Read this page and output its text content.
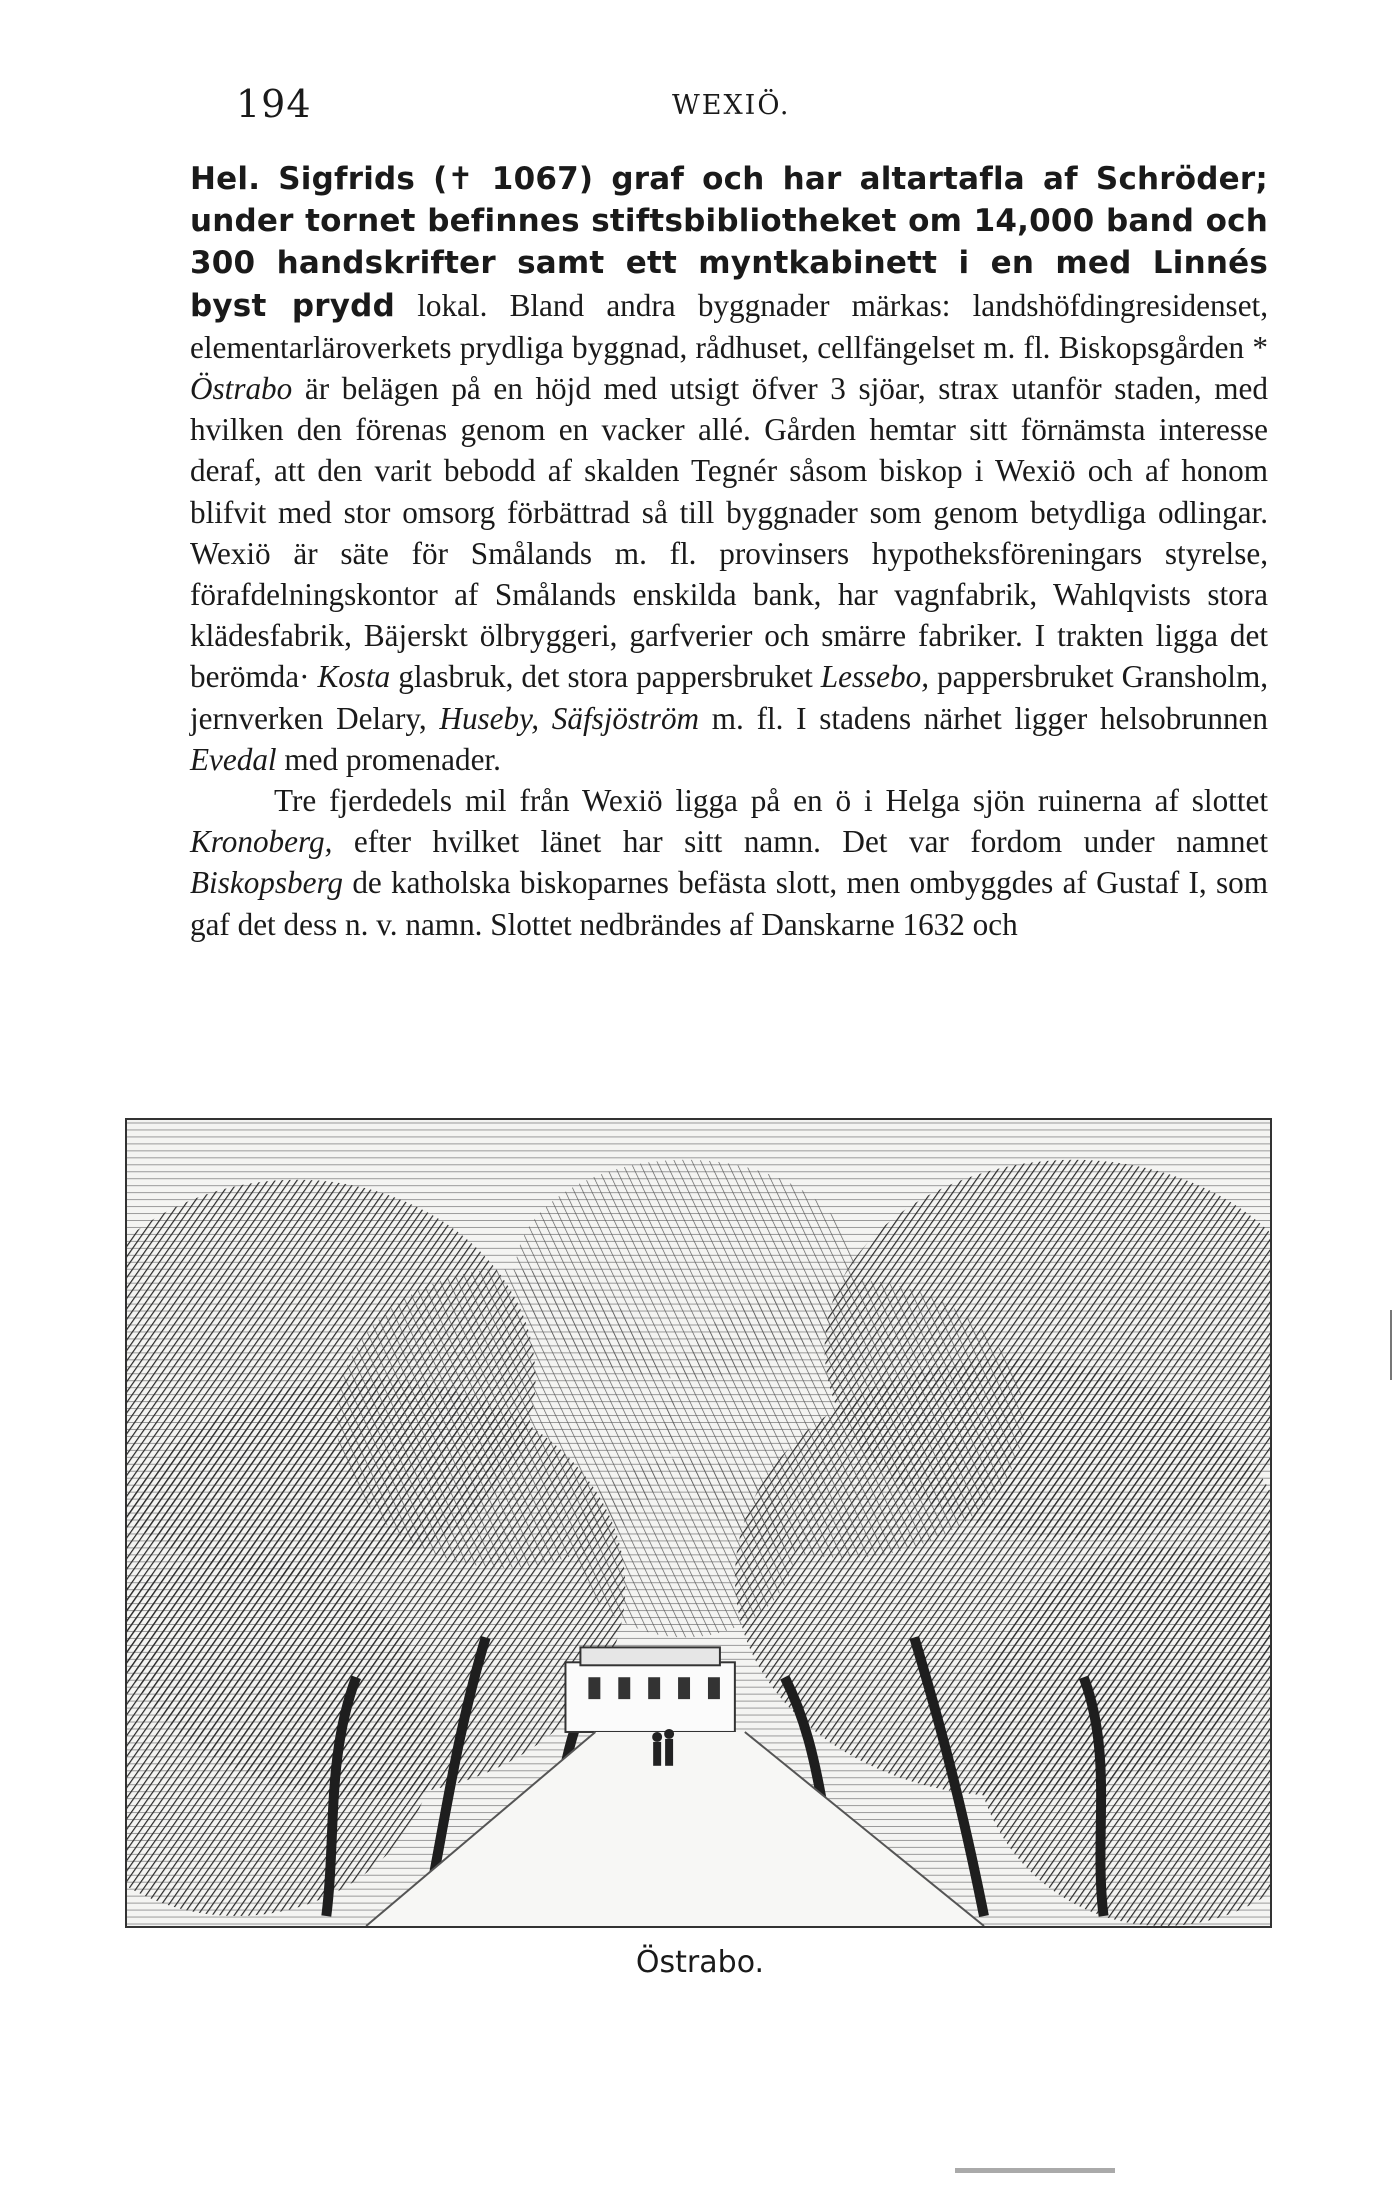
194	WEXIÖ.

Hel. Sigfrids (✝ 1067) graf och har altartafla af Schröder; under tornet befinnes stiftsbibliotheket om 14,000 band och 300 handskrifter samt ett myntkabinett i en med Linnés byst prydd lokal. Bland andra byggnader märkas: landshöfdingresidenset, elementarläroverkets prydliga byggnad, rådhuset, cellfängelset m. fl. Biskopsgården * Östrabo är belägen på en höjd med utsigt öfver 3 sjöar, strax utanför staden, med hvilken den förenas genom en vacker allé. Gården hemtar sitt förnämsta interesse deraf, att den varit bebodd af skalden Tegnér såsom biskop i Wexiö och af honom blifvit med stor omsorg förbättrad så till byggnader som genom betydliga odlingar. Wexiö är säte för Smålands m. fl. provinsers hypotheksföreningars styrelse, förafdelningskontor af Smålands enskilda bank, har vagnfabrik, Wahlqvists stora klädesfabrik, Bäjerskt ölbryggeri, garfverier och smärre fabriker. I trakten ligga det berömda· Kosta glasbruk, det stora pappersbruket Lessebo, pappersbruket Gransholm, jernverken Delary, Huseby, Säfsjöström m. fl. I stadens närhet ligger helsobrunnen Evedal med promenader.

Tre fjerdedels mil från Wexiö ligga på en ö i Helga sjön ruinerna af slottet Kronoberg, efter hvilket länet har sitt namn. Det var fordom under namnet Biskopsberg de katholska biskoparnes befästa slott, men ombyggdes af Gustaf I, som gaf det dess n. v. namn. Slottet nedbrändes af Danskarne 1632 och

Östrabo.
